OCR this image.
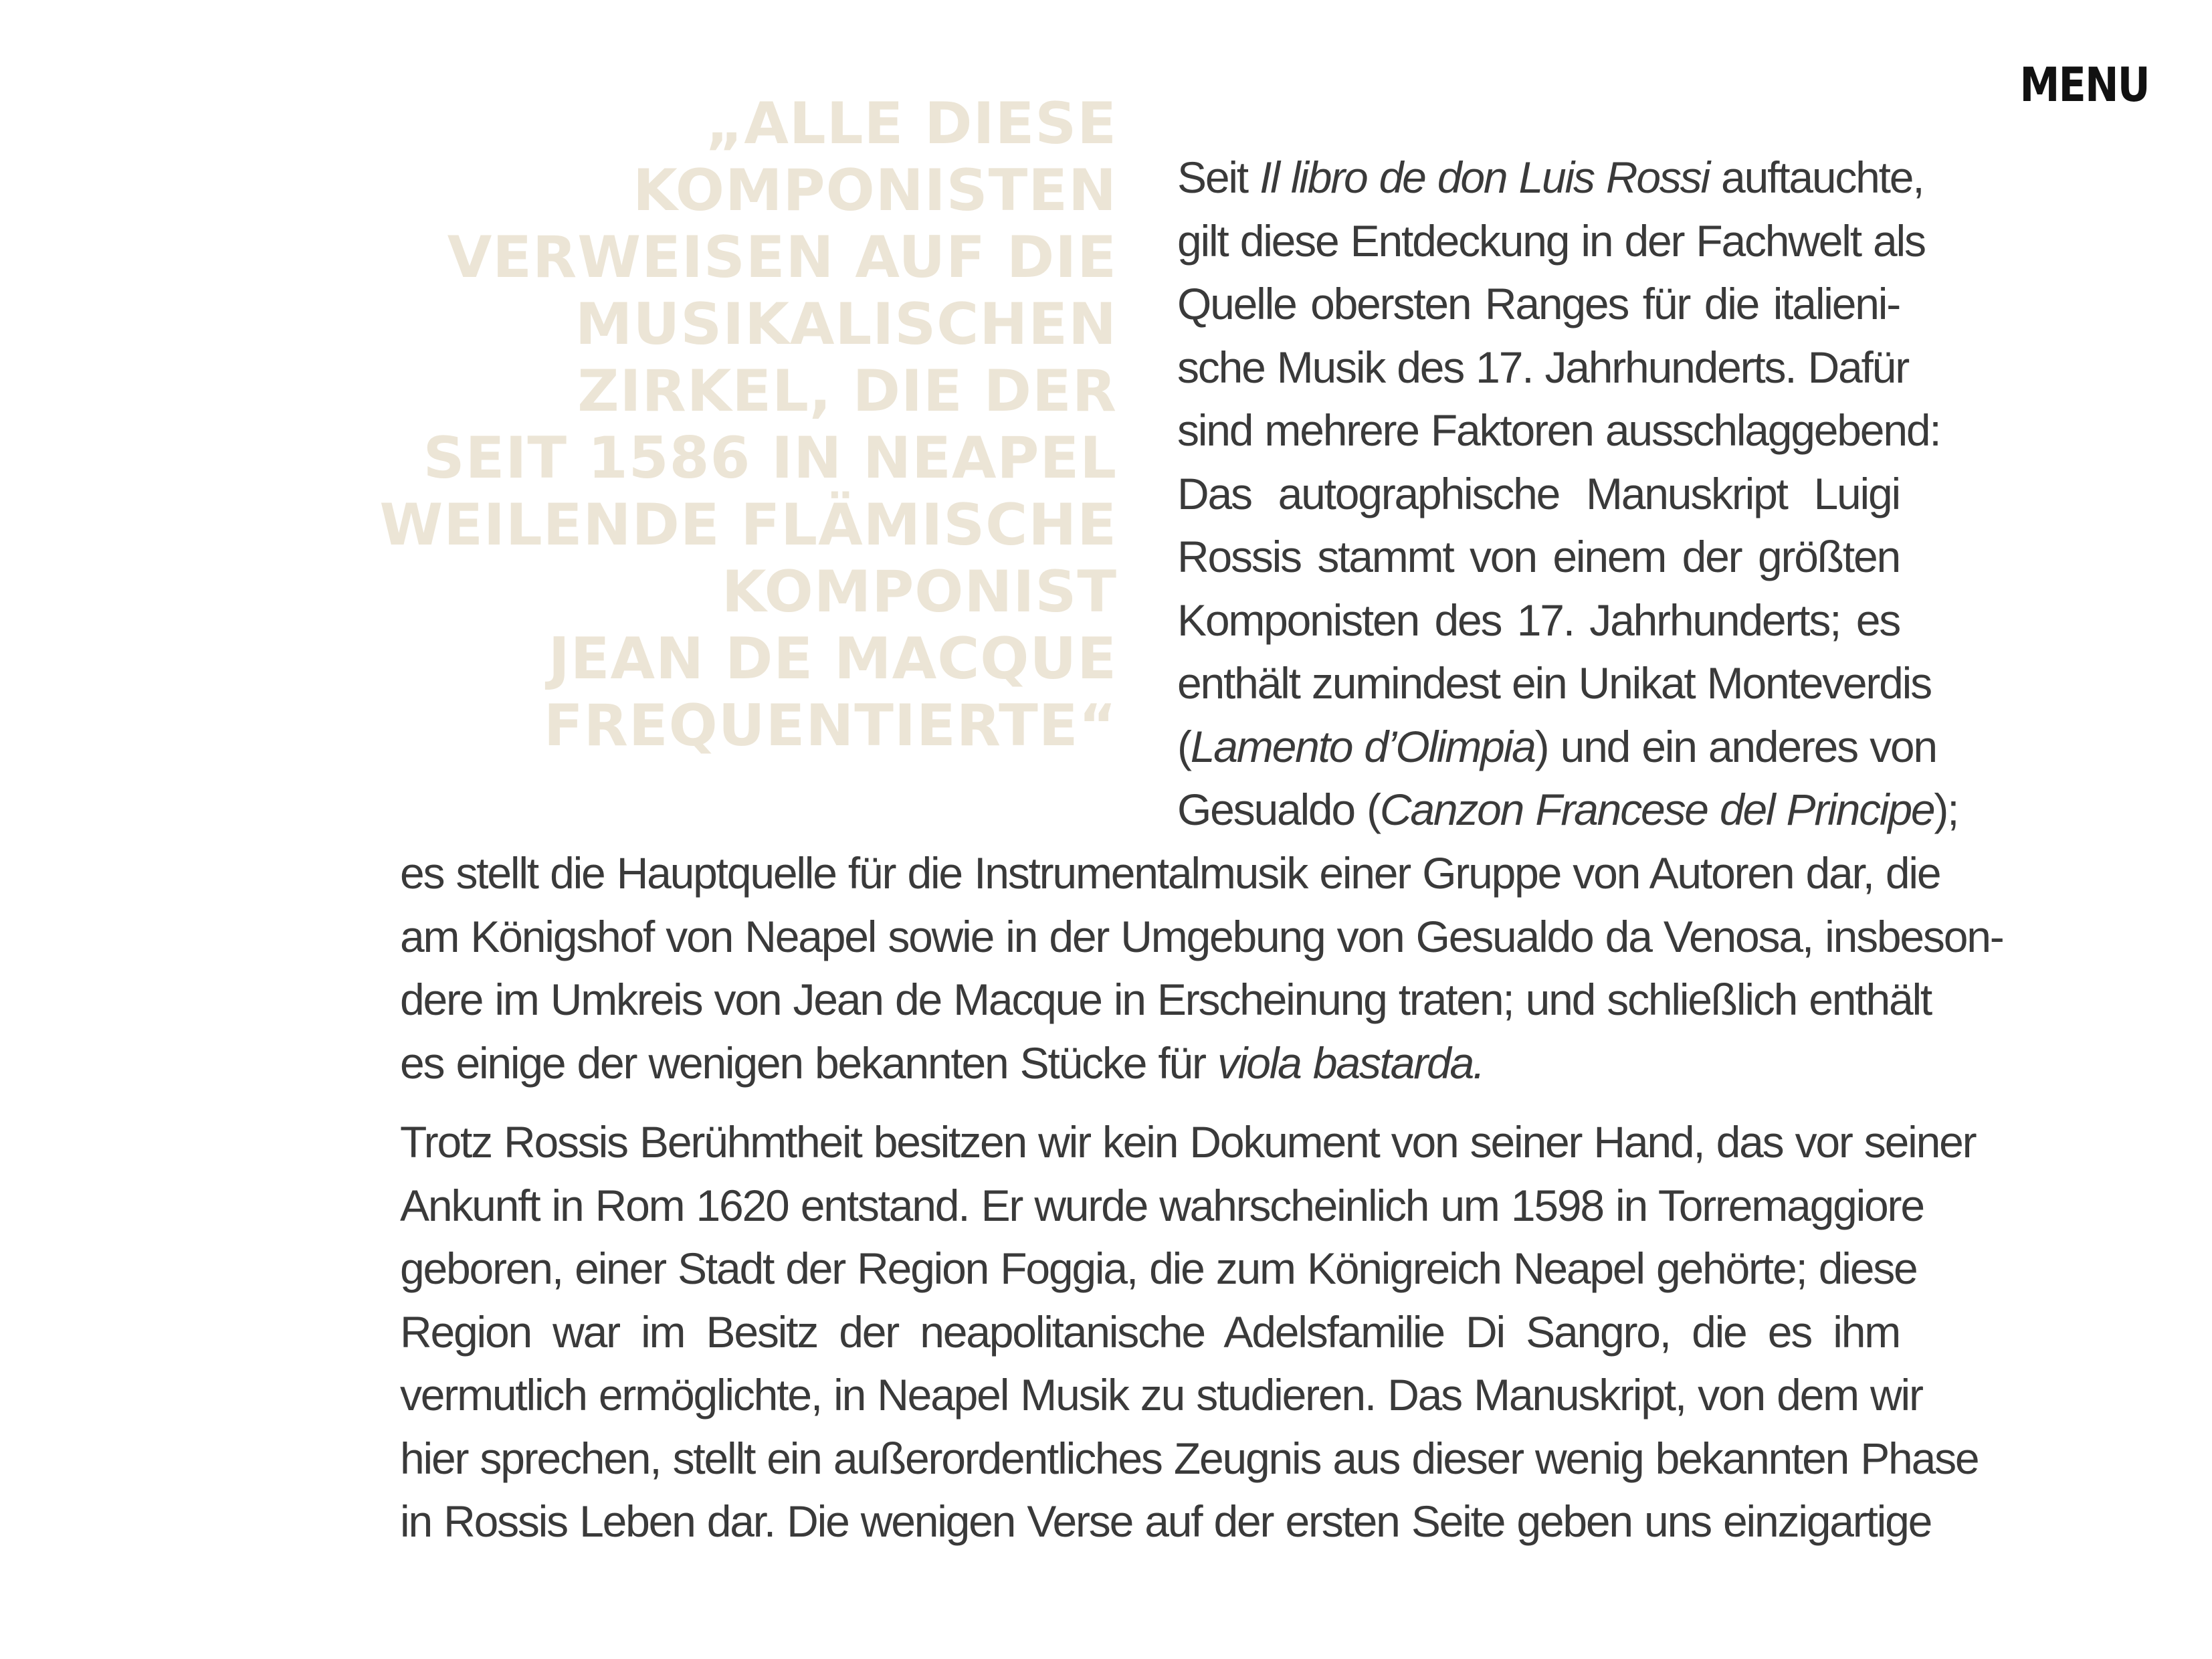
MENU
„ALLE DIESE
KOMPONISTEN
VERWEISEN AUF DIE
MUSIKALISCHEN
ZIRKEL, DIE DER
SEIT 1586 IN NEAPEL
WEILENDE FLÄMISCHE
KOMPONIST
JEAN DE MACQUE
FREQUENTIERTE“
Seit Il libro de don Luis Rossi auftauchte,
gilt diese Entdeckung in der Fachwelt als
Quelle obersten Ranges für die italieni-
sche Musik des 17. Jahrhunderts. Dafür
sind mehrere Faktoren ausschlaggebend:
Das autographische Manuskript Luigi
Rossis stammt von einem der größten
Komponisten des 17. Jahrhunderts; es
enthält zumindest ein Unikat Monteverdis
(Lamento d’Olimpia) und ein anderes von
Gesualdo (Canzon Francese del Principe);
es stellt die Hauptquelle für die Instrumentalmusik einer Gruppe von Autoren dar, die
am Königshof von Neapel sowie in der Umgebung von Gesualdo da Venosa, insbeson-
dere im Umkreis von Jean de Macque in Erscheinung traten; und schließlich enthält
es einige der wenigen bekannten Stücke für viola bastarda.
Trotz Rossis Berühmtheit besitzen wir kein Dokument von seiner Hand, das vor seiner
Ankunft in Rom 1620 entstand. Er wurde wahrscheinlich um 1598 in Torremaggiore
geboren, einer Stadt der Region Foggia, die zum Königreich Neapel gehörte; diese
Region war im Besitz der neapolitanische Adelsfamilie Di Sangro, die es ihm
vermutlich ermöglichte, in Neapel Musik zu studieren. Das Manuskript, von dem wir
hier sprechen, stellt ein außerordentliches Zeugnis aus dieser wenig bekannten Phase
in Rossis Leben dar. Die wenigen Verse auf der ersten Seite geben uns einzigartige
